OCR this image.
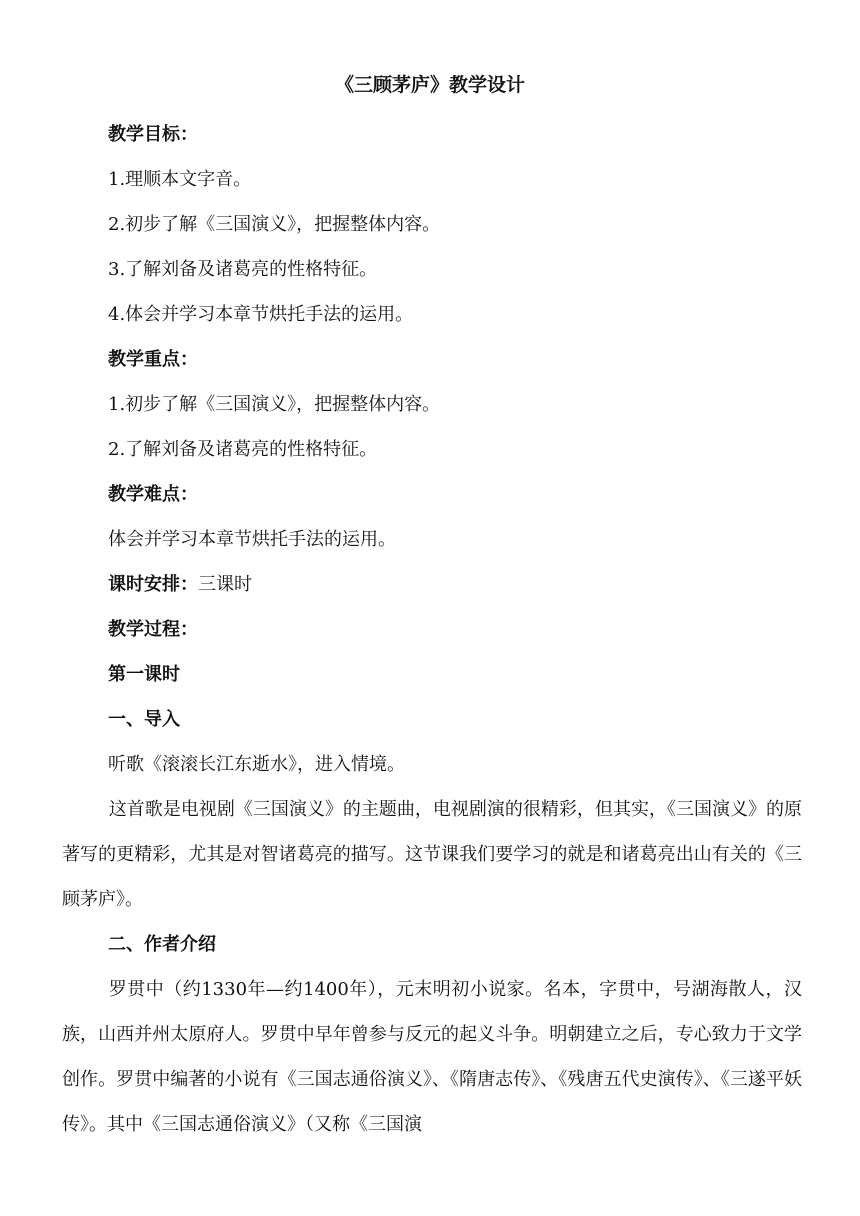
《三顾茅庐》教学设计
教学目标：
1.理顺本文字音。
2.初步了解《三国演义》，把握整体内容。
3.了解刘备及诸葛亮的性格特征。
4.体会并学习本章节烘托手法的运用。
教学重点：
1.初步了解《三国演义》，把握整体内容。
2.了解刘备及诸葛亮的性格特征。
教学难点：
体会并学习本章节烘托手法的运用。
课时安排：三课时
教学过程：
第一课时
一、导入
听歌《滚滚长江东逝水》，进入情境。
这首歌是电视剧《三国演义》的主题曲，电视剧演的很精彩，但其实，《三国演义》的原著写的更精彩，尤其是对智诸葛亮的描写。这节课我们要学习的就是和诸葛亮出山有关的《三顾茅庐》。
二、作者介绍
罗贯中（约1330年—约1400年），元末明初小说家。名本，字贯中，号湖海散人，汉族，山西并州太原府人。罗贯中早年曾参与反元的起义斗争。明朝建立之后，专心致力于文学创作。罗贯中编著的小说有《三国志通俗演义》、《隋唐志传》、《残唐五代史演传》、《三遂平妖传》。其中《三国志通俗演义》（又称《三国演
